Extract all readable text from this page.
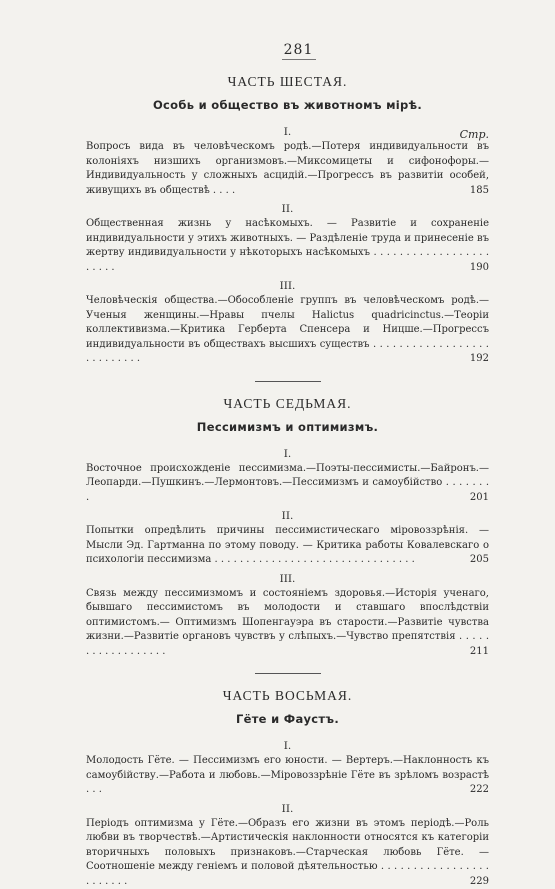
281
ЧАСТЬ ШЕСТАЯ.
Особь и общество въ животномъ мірѣ.
I.	Стр.

Вопросъ вида въ человѣческомъ родѣ.—Потеря индивидуальности въ колоніяхъ низшихъ организмовъ.—Миксомицеты и сифонофоры.—Индивидуальность у сложныхъ асцидій.—Прогрессъ въ развитіи особей, живущихъ въ обществѣ . . . .	185

II.

Общественная жизнь у насѣкомыхъ. — Развитіе и сохраненіе индивидуальности у этихъ животныхъ. — Раздѣленіе труда и принесеніе въ жертву индивидуальности у нѣкоторыхъ насѣкомыхъ . . . . . . . . . . . . . . . . . . . . . . .	190

III.

Человѣческія общества.—Обособленіе группъ въ человѣческомъ родѣ.— Ученыя женщины.—Нравы пчелы Halictus quadricinctus.—Теоріи коллективизма.—Критика Герберта Спенсера и Ницше.—Прогрессъ индивидуальности въ обществахъ высшихъ существъ . . . . . . . . . . . . . . . . . . . . . . . . . . .	192

ЧАСТЬ СЕДЬМАЯ.
Пессимизмъ и оптимизмъ.
I.

Восточное происхожденіе пессимизма.—Поэты-пессимисты.—Байронъ.—Леопарди.—Пушкинъ.—Лермонтовъ.—Пессимизмъ и самоубійство . . . . . . . .	201

II.

Попытки опредѣлить причины пессимистическаго міровоззрѣнія. — Мысли Эд. Гартманна по этому поводу. — Критика работы Ковалевскаго о психологіи пессимизма . . . . . . . . . . . . . . . . . . . . . . . . . . . . . . . .	205

III.

Связь между пессимизмомъ и состояніемъ здоровья.—Исторія ученаго, бывшаго пессимистомъ въ молодости и ставшаго впослѣдствіи оптимистомъ.— Оптимизмъ Шопенгауэра въ старости.—Развитіе чувства жизни.—Развитіе органовъ чувствъ у слѣпыхъ.—Чувство препятствія . . . . . . . . . . . . . . . . . .	211

ЧАСТЬ ВОСЬМАЯ.
Гёте и Фаустъ.
I.

Молодость Гёте. — Пессимизмъ его юности. — Вертеръ.—Наклонность къ самоубійству.—Работа и любовь.—Міровоззрѣніе Гёте въ зрѣломъ возрастѣ . . .	222

II.

Періодъ оптимизма у Гёте.—Образъ его жизни въ этомъ періодѣ.—Роль любви въ творчествѣ.—Артистическія наклонности относятся къ категоріи вторичныхъ половыхъ признаковъ.—Старческая любовь Гёте. — Соотношеніе между геніемъ и половой дѣятельностью . . . . . . . . . . . . . . . . . . . . . . . .	229
